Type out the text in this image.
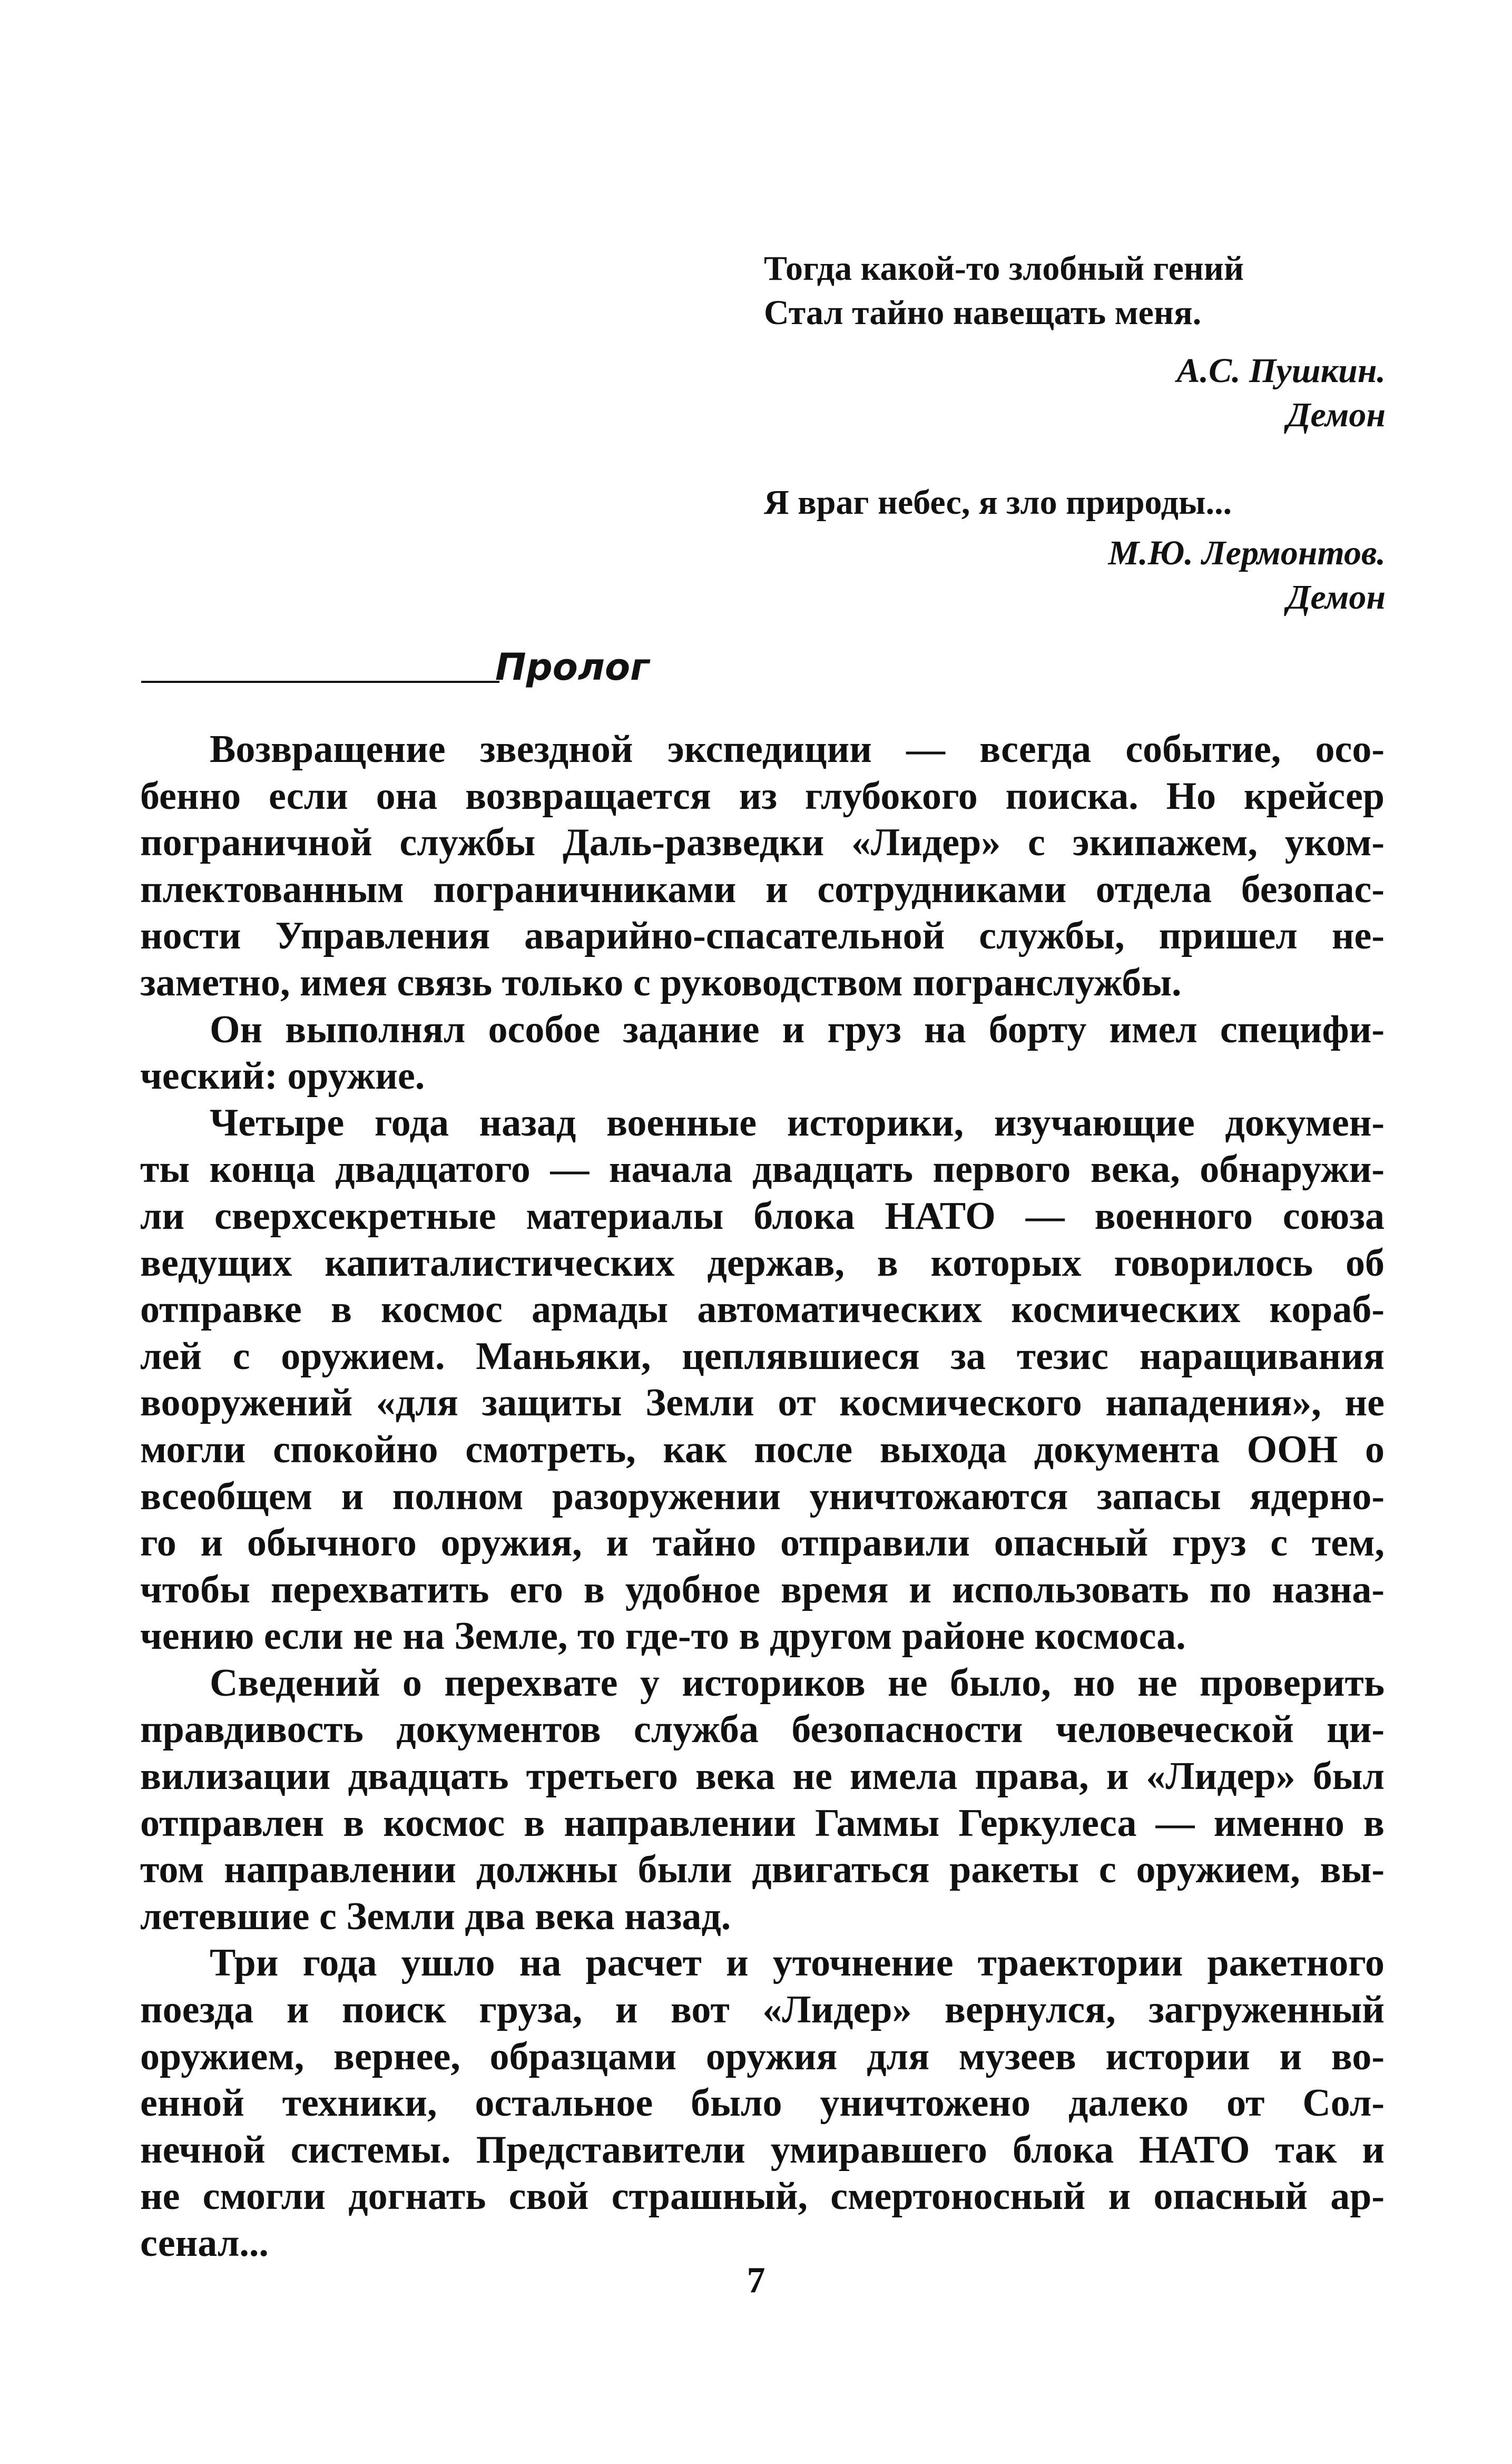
Тогда какой-то злобный гений
Стал тайно навещать меня.
А.С. Пушкин.
Демон
Я враг небес, я зло природы...
М.Ю. Лермонтов.
Демон
Пролог
Возвращение звездной экспедиции — всегда событие, осо-
бенно если она возвращается из глубокого поиска. Но крейсер
пограничной службы Даль-разведки «Лидер» с экипажем, уком-
плектованным пограничниками и сотрудниками отдела безопас-
ности Управления аварийно-спасательной службы, пришел не-
заметно, имея связь только с руководством погранслужбы.
Он выполнял особое задание и груз на борту имел специфи-
ческий: оружие.
Четыре года назад военные историки, изучающие докумен-
ты конца двадцатого — начала двадцать первого века, обнаружи-
ли сверхсекретные материалы блока НАТО — военного союза
ведущих капиталистических держав, в которых говорилось об
отправке в космос армады автоматических космических кораб-
лей с оружием. Маньяки, цеплявшиеся за тезис наращивания
вооружений «для защиты Земли от космического нападения», не
могли спокойно смотреть, как после выхода документа ООН о
всеобщем и полном разоружении уничтожаются запасы ядерно-
го и обычного оружия, и тайно отправили опасный груз с тем,
чтобы перехватить его в удобное время и использовать по назна-
чению если не на Земле, то где-то в другом районе космоса.
Сведений о перехвате у историков не было, но не проверить
правдивость документов служба безопасности человеческой ци-
вилизации двадцать третьего века не имела права, и «Лидер» был
отправлен в космос в направлении Гаммы Геркулеса — именно в
том направлении должны были двигаться ракеты с оружием, вы-
летевшие с Земли два века назад.
Три года ушло на расчет и уточнение траектории ракетного
поезда и поиск груза, и вот «Лидер» вернулся, загруженный
оружием, вернее, образцами оружия для музеев истории и во-
енной техники, остальное было уничтожено далеко от Сол-
нечной системы. Представители умиравшего блока НАТО так и
не смогли догнать свой страшный, смертоносный и опасный ар-
сенал...
7
